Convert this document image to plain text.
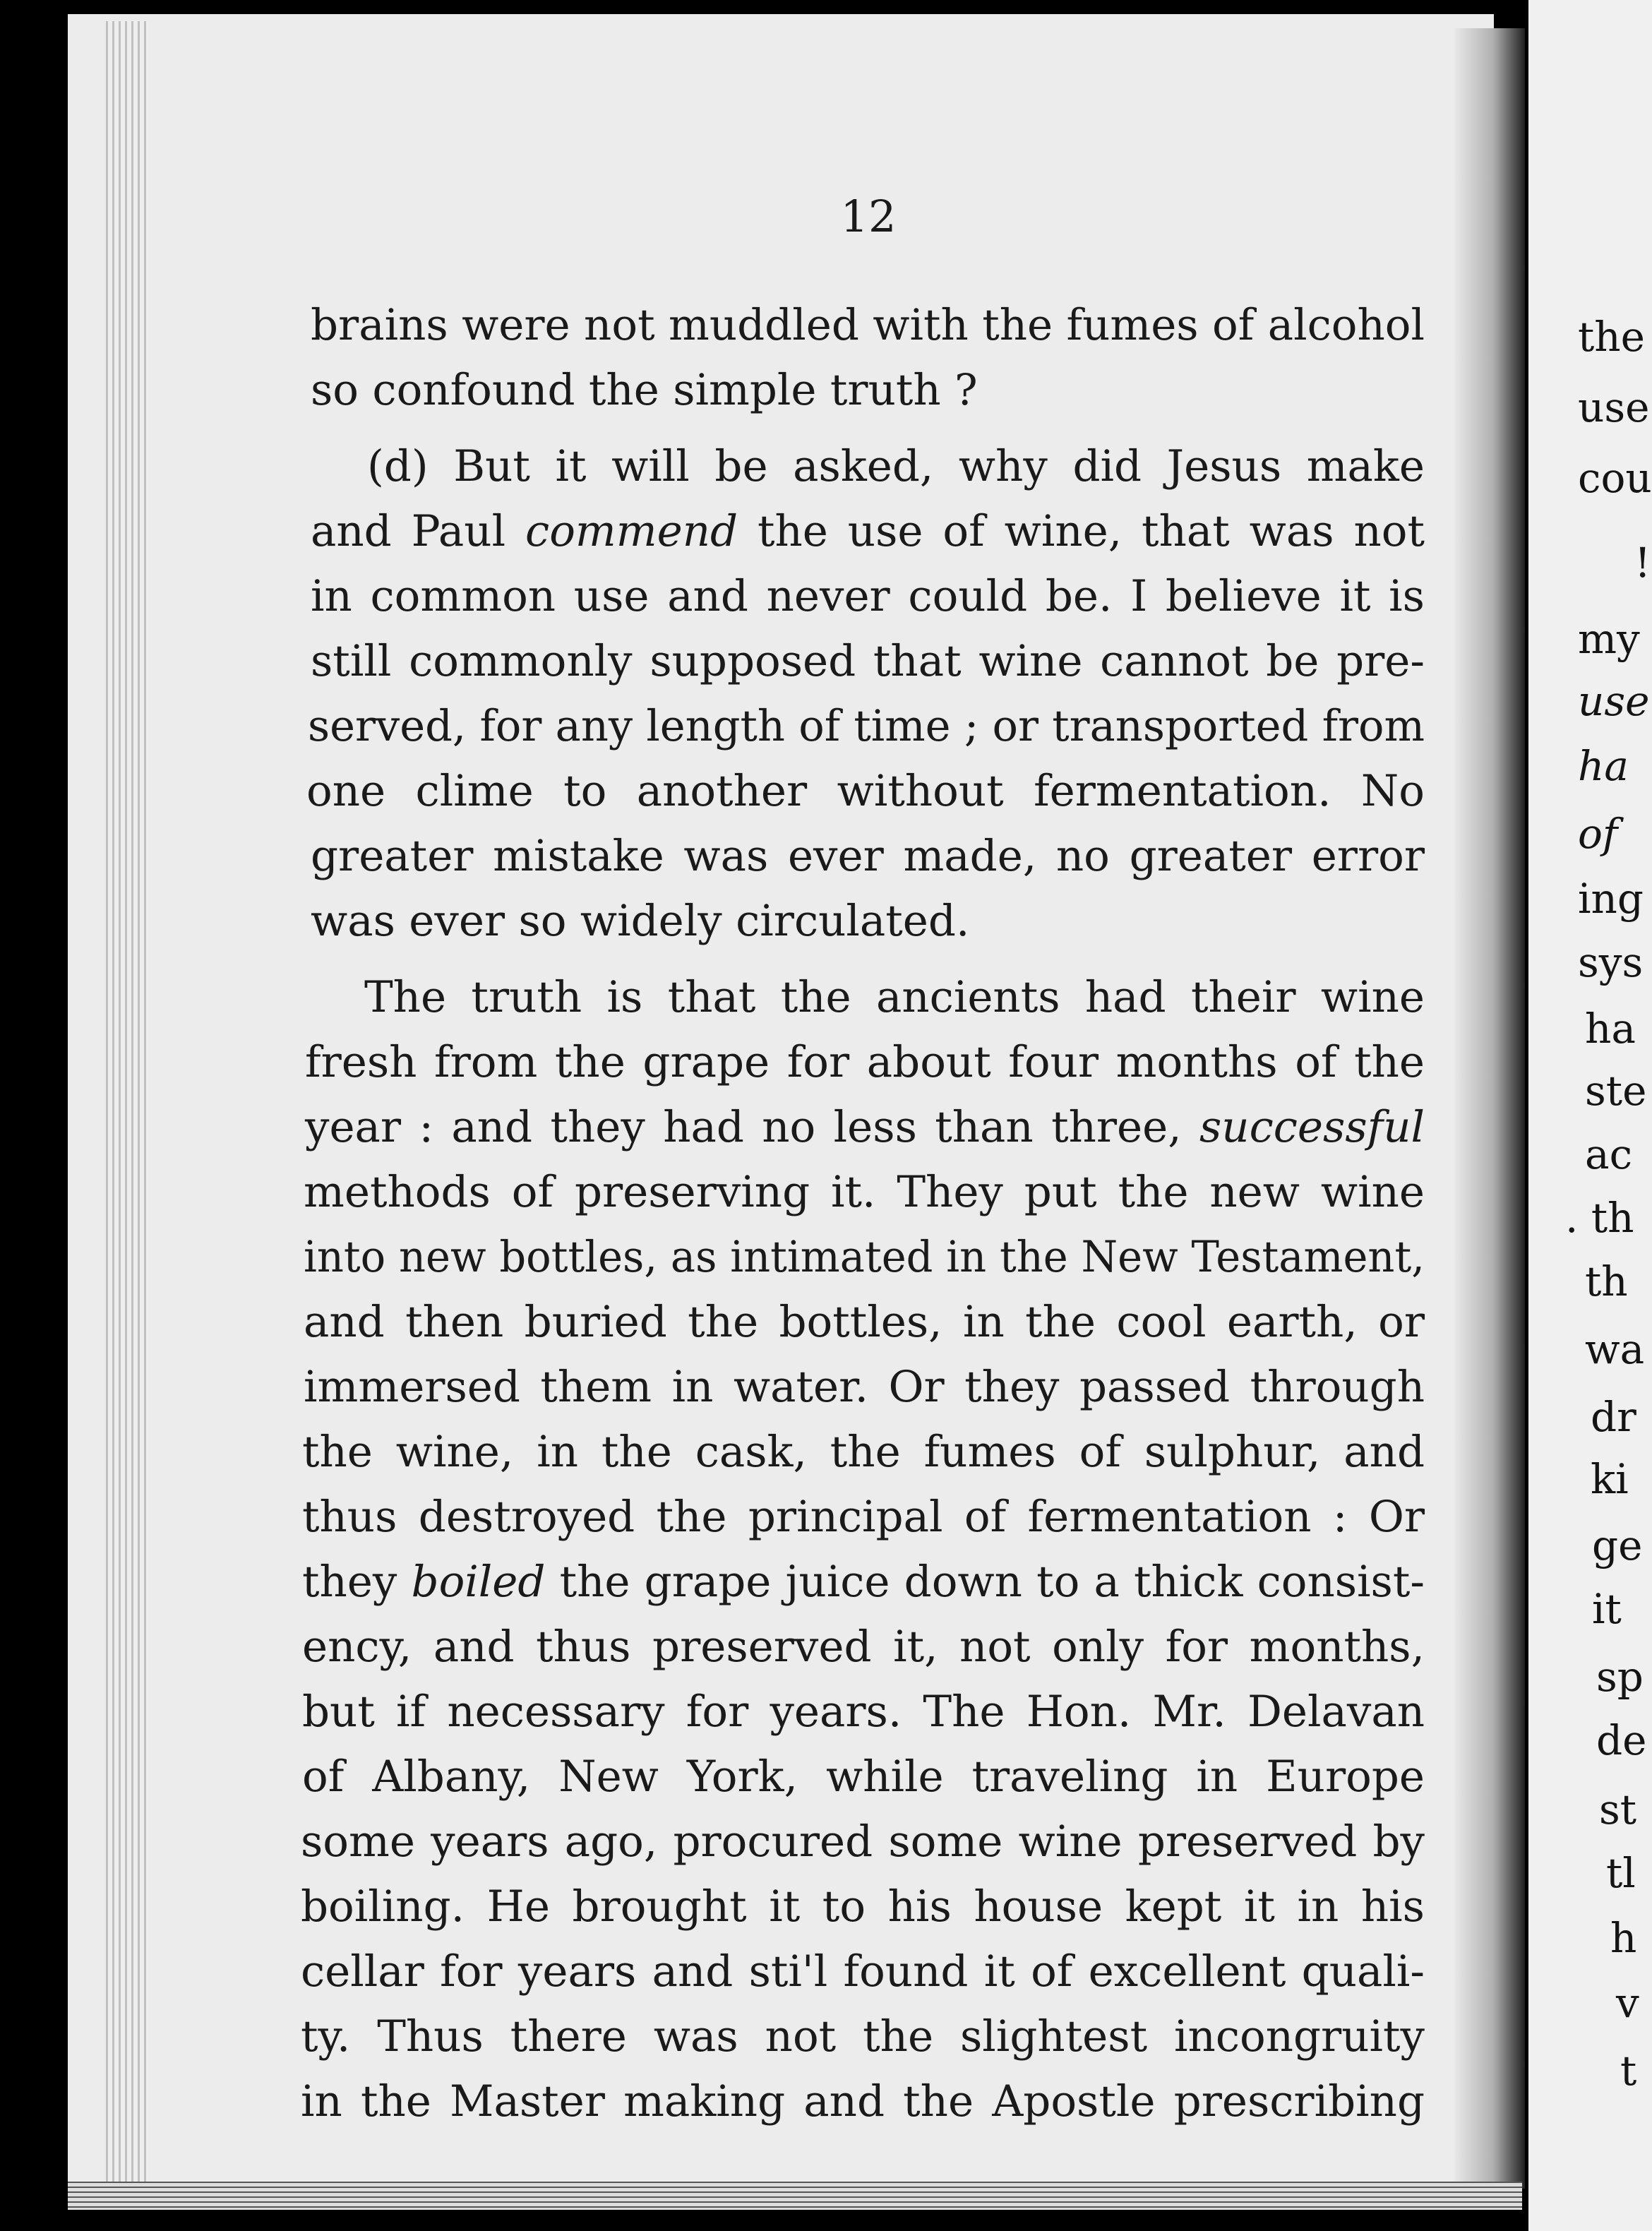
12
brains were not muddled with the fumes of alcohol
so confound the simple truth ?
(d) But it will be asked, why did Jesus make
and Paul commend the use of wine, that was not
in common use and never could be. I believe it is
still commonly supposed that wine cannot be pre-
served, for any length of time ; or transported from
one clime to another without fermentation. No
greater mistake was ever made, no greater error
was ever so widely circulated.
The truth is that the ancients had their wine
fresh from the grape for about four months of the
year : and they had no less than three, successful
methods of preserving it. They put the new wine
into new bottles, as intimated in the New Testament,
and then buried the bottles, in the cool earth, or
immersed them in water. Or they passed through
the wine, in the cask, the fumes of sulphur, and
thus destroyed the principal of fermentation : Or
they boiled the grape juice down to a thick consist-
ency, and thus preserved it, not only for months,
but if necessary for years. The Hon. Mr. Delavan
of Albany, New York, while traveling in Europe
some years ago, procured some wine preserved by
boiling. He brought it to his house kept it in his
cellar for years and sti'l found it of excellent quali-
ty. Thus there was not the slightest incongruity
in the Master making and the Apostle prescribing
the
use
cou
!
my
use
ha
of
ing
sys
ha
ste
ac
. th
th
wa
dr
ki
ge
it
sp
de
st
tl
h
v
t
